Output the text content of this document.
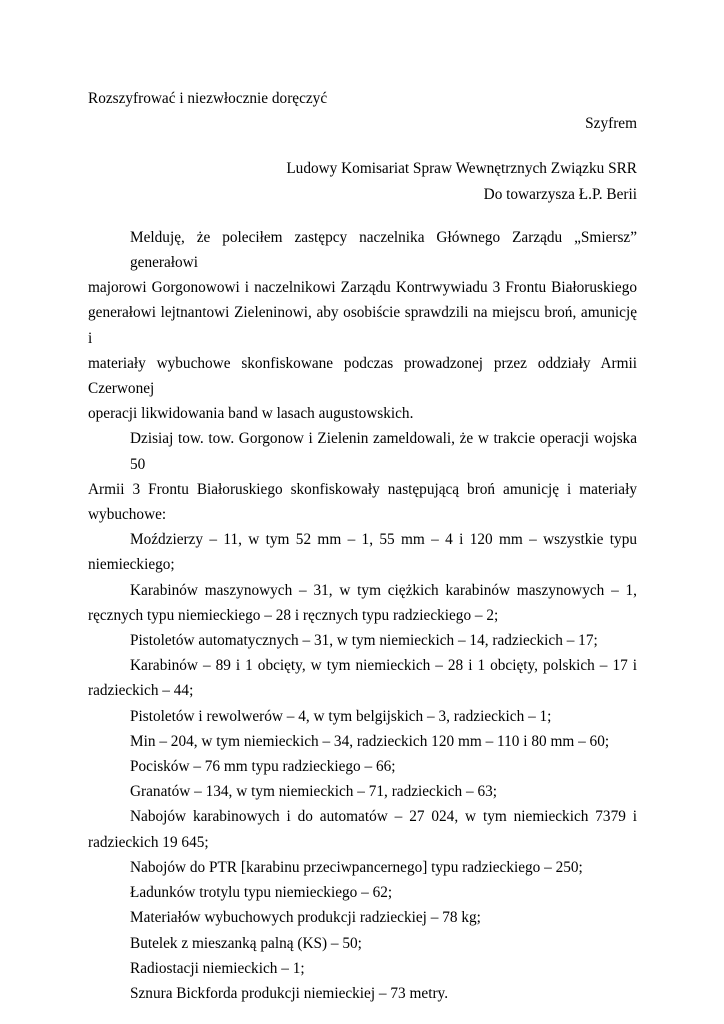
Rozszyfrować i niezwłocznie doręczyć
Szyfrem
Ludowy Komisariat Spraw Wewnętrznych Związku SRR
Do towarzysza Ł.P. Berii
Melduję, że poleciłem zastępcy naczelnika Głównego Zarządu „Smiersz” generałowi
majorowi Gorgonowowi i naczelnikowi Zarządu Kontrwywiadu 3 Frontu Białoruskiego
generałowi lejtnantowi Zieleninowi, aby osobiście sprawdzili na miejscu broń, amunicję i
materiały wybuchowe skonfiskowane podczas prowadzonej przez oddziały Armii Czerwonej
operacji likwidowania band w lasach augustowskich.
Dzisiaj tow. tow. Gorgonow i Zielenin zameldowali, że w trakcie operacji wojska 50
Armii 3 Frontu Białoruskiego skonfiskowały następującą broń amunicję i materiały
wybuchowe:
Moździerzy – 11, w tym 52 mm – 1, 55 mm – 4 i 120 mm – wszystkie typu
niemieckiego;
Karabinów maszynowych – 31, w tym ciężkich karabinów maszynowych – 1,
ręcznych typu niemieckiego – 28 i ręcznych typu radzieckiego – 2;
Pistoletów automatycznych – 31, w tym niemieckich – 14, radzieckich – 17;
Karabinów – 89 i 1 obcięty, w tym niemieckich – 28 i 1 obcięty, polskich – 17 i
radzieckich – 44;
Pistoletów i rewolwerów – 4, w tym belgijskich – 3, radzieckich – 1;
Min – 204, w tym niemieckich – 34, radzieckich 120 mm – 110 i 80 mm – 60;
Pocisków – 76 mm typu radzieckiego – 66;
Granatów – 134, w tym niemieckich – 71, radzieckich – 63;
Nabojów karabinowych i do automatów – 27 024, w tym niemieckich 7379 i
radzieckich 19 645;
Nabojów do PTR [karabinu przeciwpancernego] typu radzieckiego – 250;
Ładunków trotylu typu niemieckiego – 62;
Materiałów wybuchowych produkcji radzieckiej – 78 kg;
Butelek z mieszanką palną (KS) – 50;
Radiostacji niemieckich – 1;
Sznura Bickforda produkcji niemieckiej – 73 metry.
